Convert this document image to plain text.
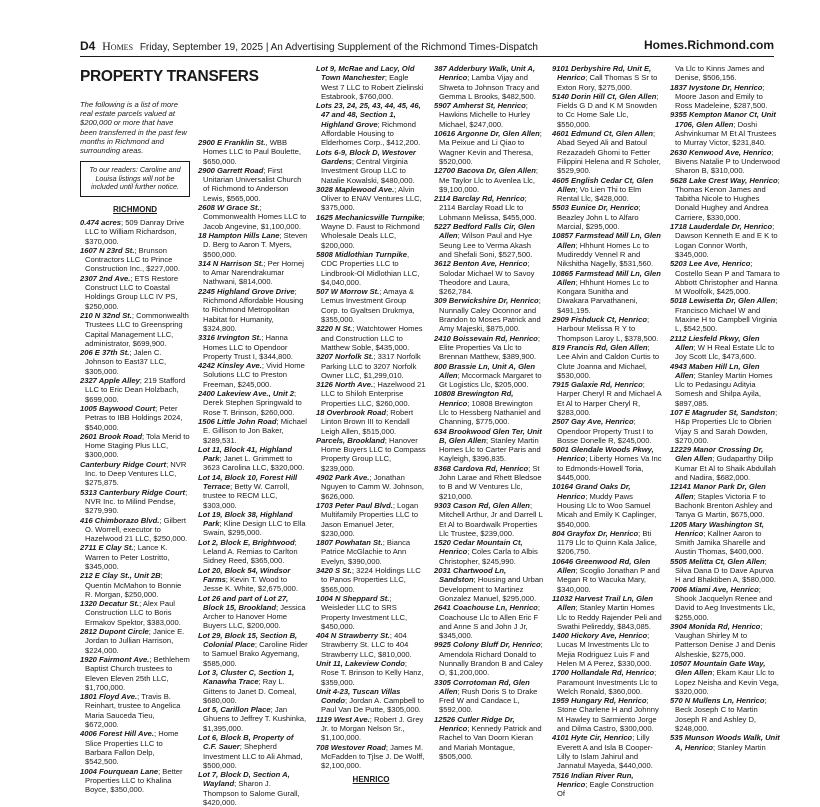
D4 Homes Friday, September 19, 2025 | An Advertising Supplement of the Richmond Times-Dispatch	Homes.Richmond.com
PROPERTY TRANSFERS
The following is a list of more real estate parcels valued at $200,000 or more that have been transferred in the past few months in Richmond and surrounding areas.
To our readers: Caroline and Louisa listings will not be included until further notice.
RICHMOND

0.474 acres; 509 Danray Drive LLC to William Richardson, $370,000.

1607 N 23rd St.; Brunson Contractors LLC to Prince Construction Inc., $227,000.

2307 2nd Ave.; ETS Restore Construct LLC to Coastal Holdings Group LLC IV PS, $250,000.

210 N 32nd St.; Commonwealth Trustees LLC to Greenspring Capital Management LLC, administrator, $699,900.

206 E 37th St.; Jalen C. Johnson to East37 LLC, $305,000.

2327 Apple Alley; 219 Stafford LLC to Eric Dean Holzbach, $699,000.

1005 Baywood Court; Peter Petras to IBB Holdings 2024, $540,000.

2601 Brook Road; Tola Merid to Home Staging Plus LLC, $300,000.

Canterbury Ridge Court; NVR Inc. to Deep Ventures LLC, $275,875.

5313 Canterbury Ridge Court; NVR Inc. to Milind Pendse, $279,990.

416 Chimborazo Blvd.; Gilbert O. Worrell, executor to Hazelwood 21 LLC, $250,000.

2711 E Clay St.; Lance K. Warren to Peter Lostritto, $345,000.

212 E Clay St., Unit 2B; Quentin McMahon to Bonnie R. Morgan, $250,000.

1320 Decatur St.; Alex Paul Construction LLC to Boris Ermakov Spektor, $383,000.

2812 Dupont Circle; Janice E. Jordan to Jullian Harrison, $224,000.

1920 Fairmont Ave.; Bethlehem Baptist Church trustees to Eleven Eleven 25th LLC, $1,700,000.

1801 Floyd Ave.; Travis B. Reinhart, trustee to Angelica Maria Sauceda Tieu, $672,000.

4006 Forest Hill Ave.; Home Slice Properties LLC to Barbara Fallon Delp, $542,500.

1004 Fourquean Lane; Better Properties LLC to Khalina Boyce, $350,000.

2900 E Franklin St., WBB Homes LLC to Paul Boulette, $650,000.

2900 Garrett Road; First Unitarian Universalist Church of Richmond to Anderson Lewis, $565,000.

2608 W Grace St.; Commonwealth Homes LLC to Jacob Angevine, $1,100,000.

18 Hampton Hills Lane; Steven D. Berg to Aaron T. Myers, $500,000.

314 N Harrison St.; Per Hornej to Amar Narendrakumar Nathwani, $814,000.

2245 Highland Grove Drive; Richmond Affordable Housing to Richmond Metropolitan Habitat for Humanity, $324,800.

3316 Irvington St.; Hanna Homes LLC to Opendoor Property Trust I, $344,800.

4242 Kinsley Ave.; Vivid Home Solutions LLC to Preston Freeman, $245,000.

2400 Lakeview Ave., Unit 2; Derek Stephen Springwald to Rose T. Brinson, $260,000.

1506 Little John Road; Michael E. Gillison to Jon Baker, $289,531.

Lot 11, Block 41, Highland Park; Janet L. Grimmett to 3623 Carolina LLC, $320,000.

Lot 14, Block 10, Forest Hill Terrace; Betty W. Carroll, trustee to RECM LLC, $303,000.

Lot 19, Block 38, Highland Park; Kline Design LLC to Ella Swain, $295,000.

Lot 2, Block E, Brightwood; Leland A. Remias to Carlton Sidney Reed, $365,000.

Lot 20, Block 54, Windsor Farms; Kevin T. Wood to Jesse K. White, $2,675,000.

Lot 26 and part of Lot 27, Block 15, Brookland; Jessica Archer to Hanover Home Buyers LLC, $200,000.

Lot 29, Block 15, Section B, Colonial Place; Caroline Rider to Samuel Brako Agyemang, $585,000.

Lot 3, Cluster C, Section 1, Kanawha Trace; Ray L. Gittens to Janet D. Comeal, $680,000.

Lot 5, Carillon Place; Jan Ghuens to Jeffrey T. Kushinka, $1,395,000.

Lot 6, Block B, Property of C.F. Sauer; Shepherd Investment LLC to Ali Ahmad, $500,000.

Lot 7, Block D, Section A, Wayland; Sharon J. Thompson to Salome Gurall, $420,000.

Lot 9, McRae and Lacy, Old Town Manchester; Eagle West 7 LLC to Robert Zielinski Estabrook, $760,000.

Lots 23, 24, 25, 43, 44, 45, 46, 47 and 48, Section 1, Highland Grove; Richmond Affordable Housing to Elderhomes Corp., $412,200.

Lots 6-9, Block D, Westover Gardens; Central Virginia Investment Group LLC to Natalie Kowalski, $480,000.

3028 Maplewood Ave.; Alvin Oliver to ENAV Ventures LLC, $375,000.

1625 Mechanicsville Turnpike; Wayne D. Faust to Richmond Wholesale Deals LLC, $200,000.

5808 Midlothian Turnpike, CDC Properties LLC to Lindbrook-Ol Midlothian LLC, $4,040,000.

507 W Morrow St.; Amaya & Lemus Investment Group Corp. to Gyaltsen Drukmya, $355,000.

3220 N St.; Watchtower Homes and Construction LLC to Matthew Soble, $435,000.

3207 Norfolk St.; 3317 Norfolk Parking LLC to 3207 Norfolk Owner LLC, $1,299,010.

3126 North Ave.; Hazelwood 21 LLC to Shiloh Enterprise Properties LLC, $260,000.

18 Overbrook Road; Robert Linton Brown III to Kendall Leigh Allen, $515,000.

Parcels, Brookland; Hanover Home Buyers LLC to Compass Property Group LLC, $239,000.

4902 Park Ave.; Jonathan Nguyen to Camm W. Johnson, $626,000.

1703 Peter Paul Blvd.; Logan Multifamily Properties LLC to Jason Emanuel Jeter, $230,000.

1807 Powhatan St.; Bianca Patrice McGlachie to Ann Evelyn, $390,000.

3420 S St.; 3224 Holdings LLC to Panos Properties LLC, $565,000.

1004 N Sheppard St.; Weisleder LLC to SRS Property Investment LLC, $450,000.

404 N Strawberry St.; 404 Strawberry St. LLC to 404 Strawberry LLC, $810,000.

Unit 11, Lakeview Condo; Rose T. Brinson to Kelly Hanz, $359,000.

Unit 4-23, Tuscan Villas Condo; Jordan A. Campbell to Paul Van De Putte, $305,000.

1119 West Ave.; Robert J. Grey Jr. to Morgan Nelson Sr., $1,100,000.

708 Westover Road; James M. McFadden to Tjlse J. De Wolff, $2,100,000.

HENRICO

387 Adderbury Walk, Unit A, Henrico; Lamba Vijay and Shweta to Johnson Tracy and Gemma L Brooks, $482,500.

5907 Amherst St, Henrico; Hawkins Michelle to Hurley Michael, $247,000.

10616 Argonne Dr, Glen Allen; Ma Peixue and Li Qiao to Wagner Kevin and Theresa, $520,000.

12700 Bacova Dr, Glen Allen; Me Taylor Llc to Avenlea Llc, $9,100,000.

2114 Barclay Rd, Henrico; 2114 Barclay Road Llc to Lohmann Melissa, $455,000.

5227 Bedford Falls Cir, Glen Allen; Wilson Paul and Hye Seung Lee to Verma Akash and Shefali Soni, $527,500.

3612 Benton Ave, Henrico; Solodar Michael W to Savoy Theodore and Laura, $262,784.

309 Berwickshire Dr, Henrico; Nunnally Caley Oconnor and Brandon to Moses Patrick and Amy Majeski, $875,000.

2410 Boissevain Rd, Henrico; Elite Properties Va Llc to Brennan Matthew, $389,900.

800 Brassie Ln, Unit A, Glen Allen; Mccormack Margaret to Gt Logistics Llc, $205,000.

10808 Brewington Rd, Henrico; 10808 Brewington Llc to Hessberg Nathaniel and Channing, $775,000.

634 Brookwood Glen Ter, Unit B, Glen Allen; Stanley Martin Homes Llc to Carter Paris and Kayleigh, $396,835.

8368 Cardova Rd, Henrico; St John Larae and Rhett Bledsoe to B and W Ventures Llc, $210,000.

9303 Cason Rd, Glen Allen; Mitchell Arthur, Jr and Darrell L Et Al to Boardwalk Properties Llc Trustee, $239,000.

1520 Cedar Mountain Ct, Henrico; Coles Carla to Albis Christopher, $245,990.

2031 Chartwood Ln, Sandston; Housing and Urban Development to Martinez Gonzalez Manuel, $295,000.

2641 Coachouse Ln, Henrico; Coachouse Llc to Allen Eric F and Anne S and John J Jr, $345,000.

9925 Colony Bluff Dr, Henrico; Amendola Richard Donald to Nunnally Brandon B and Caley O, $1,200,000.

3305 Corrotoman Rd, Glen Allen; Rush Doris S to Drake Fred W and Candace L, $592,000.

12526 Cutler Ridge Dr, Henrico; Kennedy Patrick and Rachel to Van Doorn Kieran and Mariah Montague, $505,000.

9101 Derbyshire Rd, Unit E, Henrico; Call Thomas S Sr to Exton Rory, $275,000.

5140 Dorin Hill Ct, Glen Allen; Fields G D and K M Snowden to Cc Home Sale Llc, $550,000.

4601 Edmund Ct, Glen Allen; Abad Seyed Ali and Batoul Rezazadeh Ghomi to Fetter Filippini Helena and R Scholer, $529,900.

4605 English Cedar Ct, Glen Allen; Vo Lien Thi to Elm Rental Llc, $428,000.

5503 Eunice Dr, Henrico; Beazley John L to Alfaro Marcial, $295,000.

10857 Farmstead Mill Ln, Glen Allen; Hhhunt Homes Lc to Mudireddy Vennel R and Nikshitha Nagelly, $531,560.

10865 Farmstead Mill Ln, Glen Allen; Hhhunt Homes Lc to Kongara Sunitha and Diwakara Parvathaneni, $491,195.

2909 Fishduck Ct, Henrico; Harbour Melissa R Y to Thompson Laroy L, $378,500.

819 Francis Rd, Glen Allen; Lee Alvin and Caldon Curtis to Clute Joanna and Michael, $530,000.

7915 Galaxie Rd, Henrico; Harper Cheryl R and Michael A Et Al to Harper Cheryl R, $283,000.

2507 Gay Ave, Henrico; Opendoor Property Trust I to Bosse Donelle R, $245,000.

5001 Glendale Woods Pkwy, Henrico; Liberty Homes Va Inc to Edmonds-Howell Toria, $445,000.

10164 Grand Oaks Dr, Henrico; Muddy Paws Housing Llc to Woo Samuel Micah and Emily K Caplinger, $540,000.

804 Grayfox Dr, Henrico; Bti 1179 Llc to Quinn Kala Jalice, $206,750.

10646 Greenwood Rd, Glen Allen; Scoglio Jonathan P and Megan R to Wacuka Mary, $340,000.

11032 Harvest Trail Ln, Glen Allen; Stanley Martin Homes Llc to Reddy Rajender Peli and Swathi Pelireddy, $843,085.

1400 Hickory Ave, Henrico; Lucas M Investments Llc to Mejia Rodriguez Luis F and Helen M A Perez, $330,000.

1700 Hollandale Rd, Henrico; Paramount Investments Llc to Welch Ronald, $360,000.

1959 Hungary Rd, Henrico; Stone Charlene H and Johnny M Hawley to Sarmiento Jorge and Dilma Castro, $300,000.

4101 Hyte Cir, Henrico; Lilly Everett A and Isla B Cooper-Lilly to Islam Jahirul and Jannatul Mayeda, $440,000.

7516 Indian River Run, Henrico; Eagle Construction Of

Va Llc to Kinns James and Denise, $506,156.

1837 Ivystone Dr, Henrico; Moore Jason and Emily to Ross Madeleine, $287,500.

9355 Kempton Manor Ct, Unit 1706, Glen Allen; Doshi Ashvinkumar M Et Al Trustees to Murray Victor, $231,840.

2630 Kenwood Ave, Henrico; Bivens Natalie P to Underwood Sharon B, $310,000.

5628 Lake Crest Way, Henrico; Thomas Kenon James and Tabitha Nicole to Hughes Donald Hughey and Andrea Carriere, $330,000.

1718 Lauderdale Dr, Henrico; Dawson Kenneth E and E K to Logan Connor Worth, $345,000.

5203 Lee Ave, Henrico; Costello Sean P and Tamara to Abbott Christopher and Hanna M Woolfolk, $425,000.

5018 Lewisetta Dr, Glen Allen; Francisco Michael W and Maxine H to Campbell Virginia L, $542,500.

2112 Liesfeld Pkwy, Glen Allen; W H Real Estate Llc to Joy Scott Llc, $473,600.

4943 Maben Hill Ln, Glen Allen; Stanley Martin Homes Llc to Pedasingu Adityia Somesh and Shilpa Ayila, $897,085.

107 E Magruder St, Sandston; H&p Properties Llc to Obrien Vijay S and Sarah Dowden, $270,000.

12229 Manor Crossing Dr, Glen Allen; Gudaparthy Dilip Kumar Et Al to Shaik Abdullah and Nadira, $682,000.

12141 Manor Park Dr, Glen Allen; Staples Victoria F to Bachonk Brenton Ashley and Tanya G Martin, $675,000.

1205 Mary Washington St, Henrico; Kallner Aaron to Smith Jamika Sharelle and Austin Thomas, $400,000.

5505 Melitta Ct, Glen Allen; Silva Dana D to Dave Apurva H and Bhaktiben A, $580,000.

7006 Miami Ave, Henrico; Shook Jacquelyn Renee and David to Aeg Investments Llc, $255,000.

3904 Monida Rd, Henrico; Vaughan Shirley M to Patterson Denise J and Denis Alsheskie, $275,000.

10507 Mountain Gate Way, Glen Allen; Ekam Kaur Llc to Lopez Neisha and Kevin Vega, $320,000.

570 N Mullens Ln, Henrico; Beck Joseph C to Martin Joseph R and Ashley D, $248,000.

535 Munson Woods Walk, Unit A, Henrico; Stanley Martin
